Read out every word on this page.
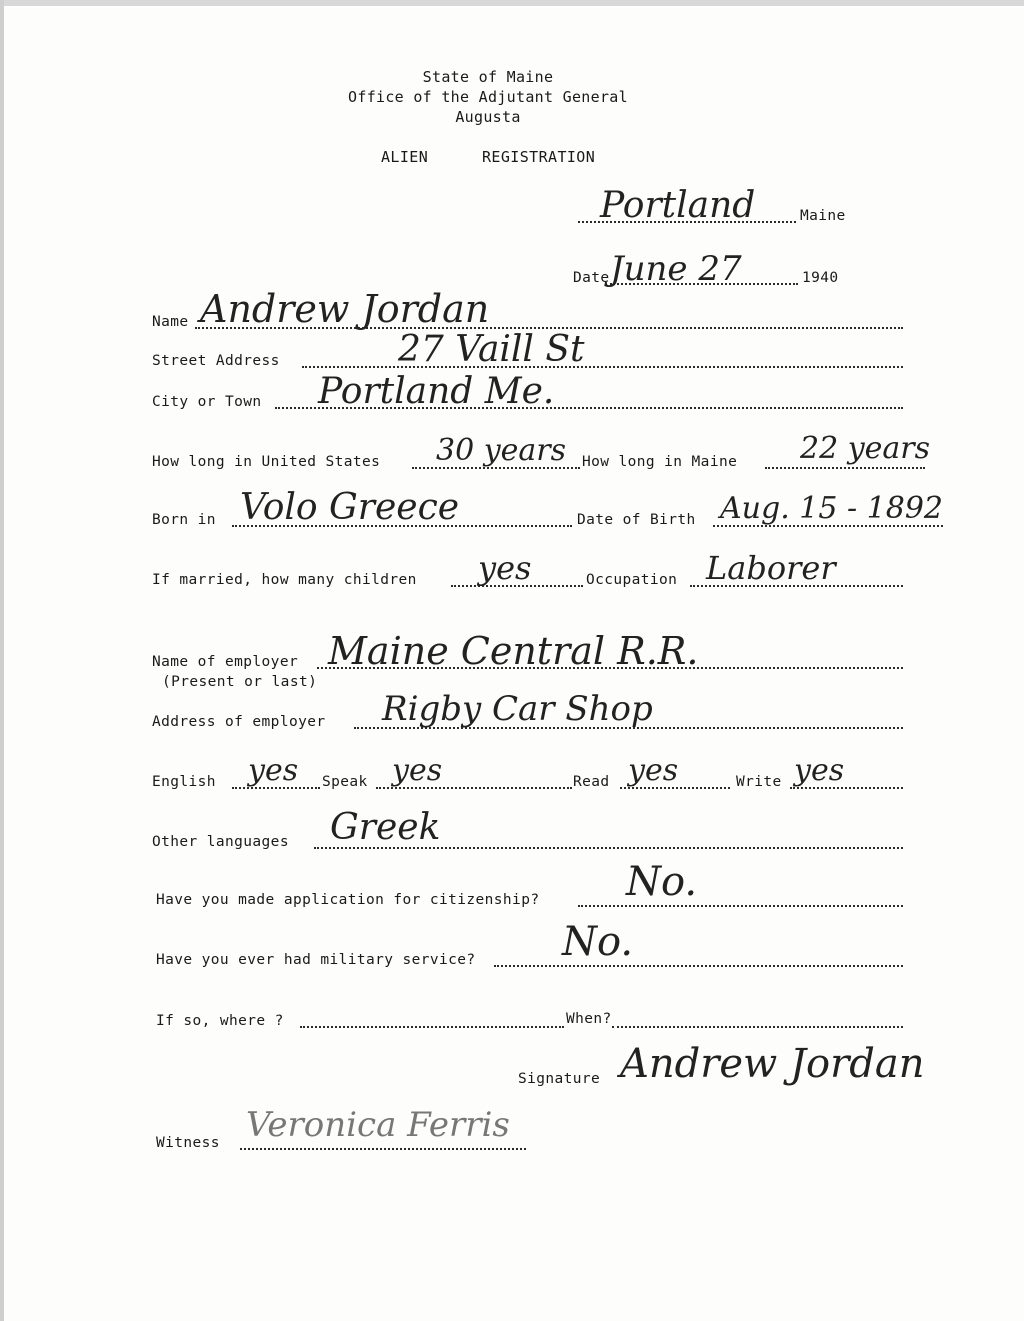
State of Maine
Office of the Adjutant General
Augusta
ALIEN	REGISTRATION
Portland	Maine
Date June 27	1940
Name Andrew Jordan
Street Address	27 Vaill St
City or Town Portland Me.
How long in United States 30 years How long in Maine 22 years
Born in Volo Greece	Date of Birth Aug. 15 - 1892
If married, how many children yes	Occupation Laborer
Name of employer
(Present or last)
Maine Central R.R.
Address of employer Rigby Car Shop
English yes Speak yes	Read yes	Write yes
Other languages Greek
Have you made application for citizenship? No.
Have you ever had military service? No.
If so, where ?	When?
Signature Andrew Jordan
Witness Veronica Ferris
